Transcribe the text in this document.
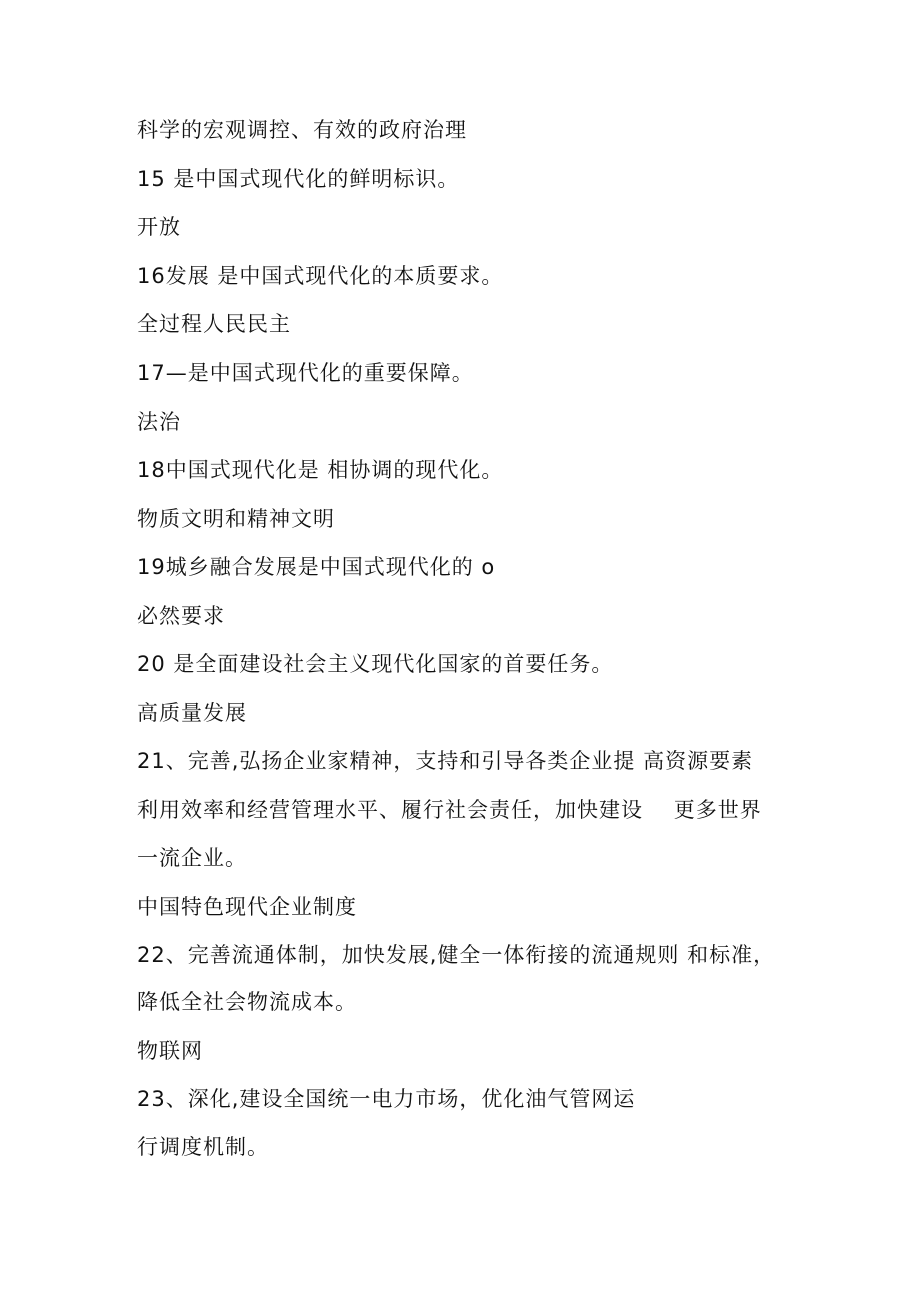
科学的宏观调控、有效的政府治理

15 是中国式现代化的鲜明标识。

开放

16发展 是中国式现代化的本质要求。

全过程人民民主

17—是中国式现代化的重要保障。

法治

18中国式现代化是 相协调的现代化。

物质文明和精神文明

19城乡融合发展是中国式现代化的 o

必然要求

20 是全面建设社会主义现代化国家的首要任务。

高质量发展

21、完善,弘扬企业家精神，支持和引导各类企业提 高资源要素

利用效率和经营管理水平、履行社会责任，加快建设    更多世界

一流企业。

中国特色现代企业制度

22、完善流通体制，加快发展,健全一体衔接的流通规则 和标准，

降低全社会物流成本。

物联网

23、深化,建设全国统一电力市场，优化油气管网运

行调度机制。
